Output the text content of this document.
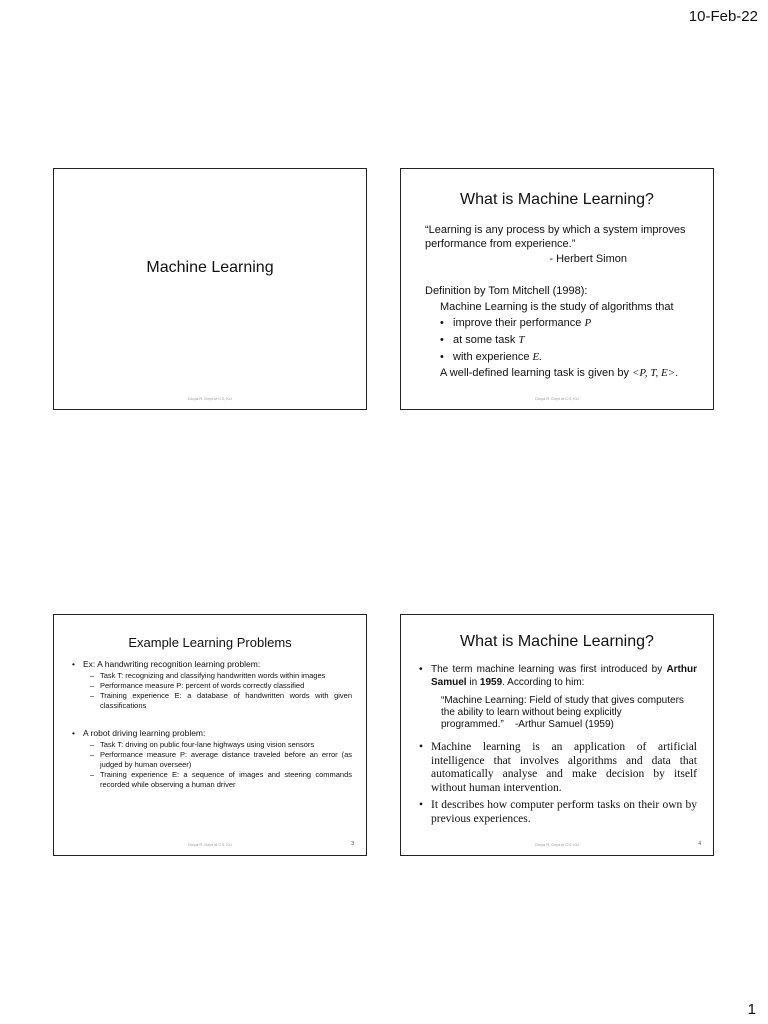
10-Feb-22
Machine Learning
Divya R, Dept of CS, KU
What is Machine Learning?
“Learning is any process by which a system improves performance from experience.”
- Herbert Simon
Definition by Tom Mitchell (1998):
Machine Learning is the study of algorithms that
• improve their performance P
• at some task T
• with experience E.
A well-defined learning task is given by <P, T, E>.
Divya R, Dept of CS, KU
Example Learning Problems
• Ex: A handwriting recognition learning problem:
– Task T: recognizing and classifying handwritten words within images
– Performance measure P: percent of words correctly classified
– Training experience E: a database of handwritten words with given classifications
• A robot driving learning problem:
– Task T: driving on public four-lane highways using vision sensors
– Performance measure P: average distance traveled before an error (as judged by human overseer)
– Training experience E: a sequence of images and steering commands recorded while observing a human driver
Divya R, Dept of CS, KU	3
What is Machine Learning?
• The term machine learning was first introduced by Arthur Samuel in 1959. According to him:
“Machine Learning: Field of study that gives computers the ability to learn without being explicitly programmed.” -Arthur Samuel (1959)
• Machine learning is an application of artificial intelligence that involves algorithms and data that automatically analyse and make decision by itself without human intervention.
• It describes how computer perform tasks on their own by previous experiences.
Divya R, Dept of CS, KU	4
1
